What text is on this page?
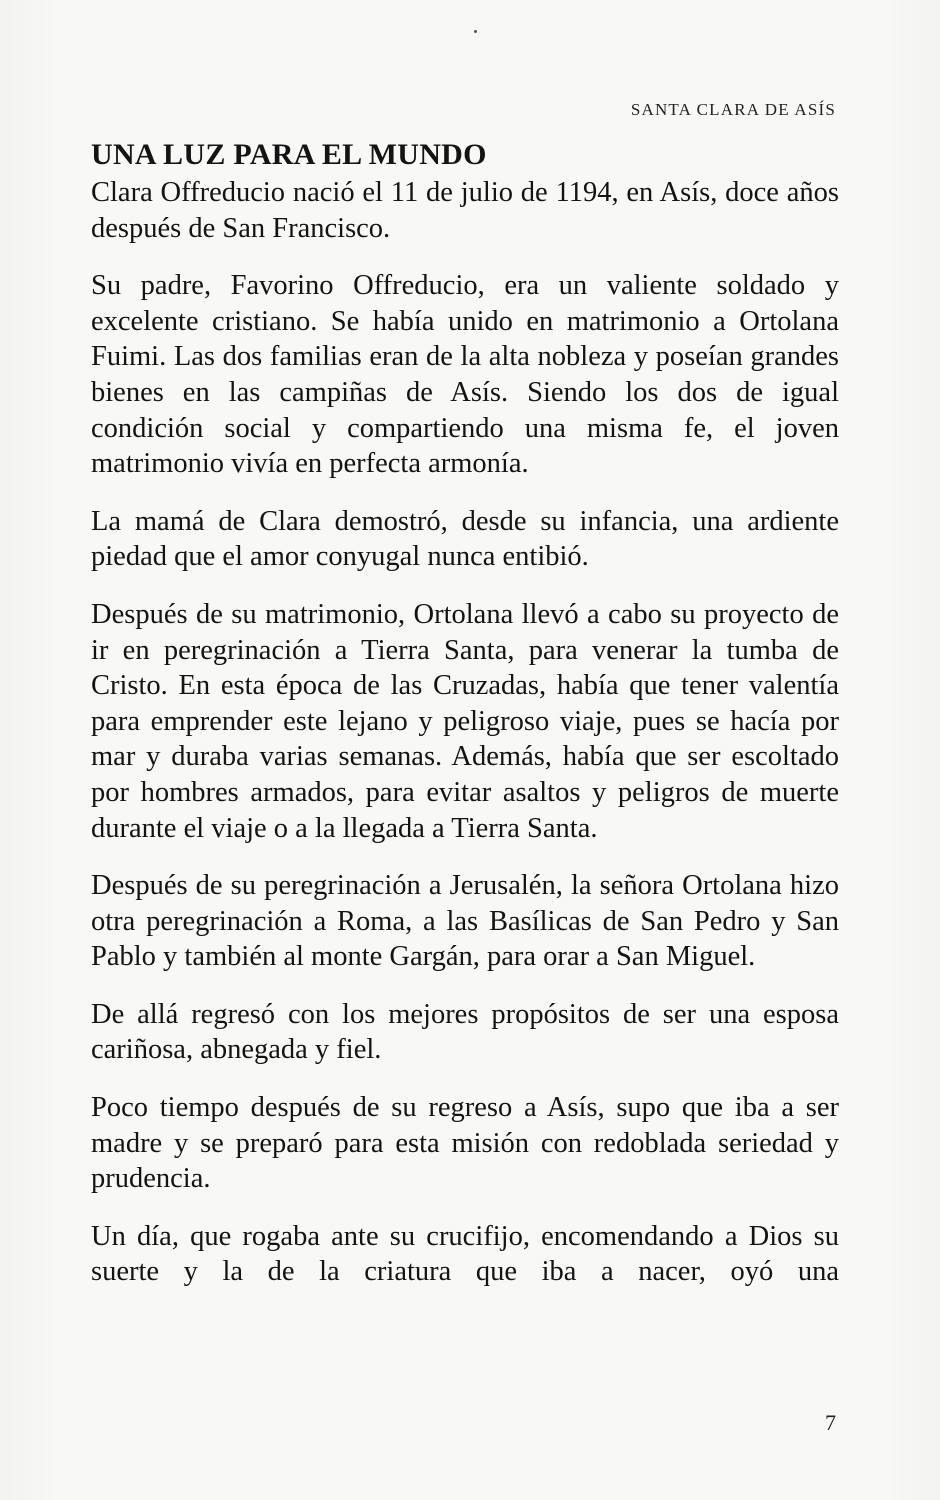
SANTA CLARA DE ASÍS
UNA LUZ PARA EL MUNDO

Clara Offreducio nació el 11 de julio de 1194, en Asís, doce años después de San Francisco.

Su padre, Favorino Offreducio, era un valiente soldado y excelente cristiano. Se había unido en matrimonio a Ortolana Fuimi. Las dos familias eran de la alta nobleza y poseían grandes bienes en las campiñas de Asís. Siendo los dos de igual condición social y compartiendo una misma fe, el joven matrimonio vivía en perfecta armonía.

La mamá de Clara demostró, desde su infancia, una ardiente piedad que el amor conyugal nunca entibió.

Después de su matrimonio, Ortolana llevó a cabo su proyecto de ir en peregrinación a Tierra Santa, para venerar la tumba de Cristo. En esta época de las Cruzadas, había que tener valentía para emprender este lejano y peligroso viaje, pues se hacía por mar y duraba varias semanas. Además, había que ser escoltado por hombres armados, para evitar asaltos y peligros de muerte durante el viaje o a la llegada a Tierra Santa.

Después de su peregrinación a Jerusalén, la señora Ortolana hizo otra peregrinación a Roma, a las Basílicas de San Pedro y San Pablo y también al monte Gargán, para orar a San Miguel.

De allá regresó con los mejores propósitos de ser una esposa cariñosa, abnegada y fiel.

Poco tiempo después de su regreso a Asís, supo que iba a ser madre y se preparó para esta misión con redoblada seriedad y prudencia.

Un día, que rogaba ante su crucifijo, encomendando a Dios su suerte y la de la criatura que iba a nacer, oyó una

7
